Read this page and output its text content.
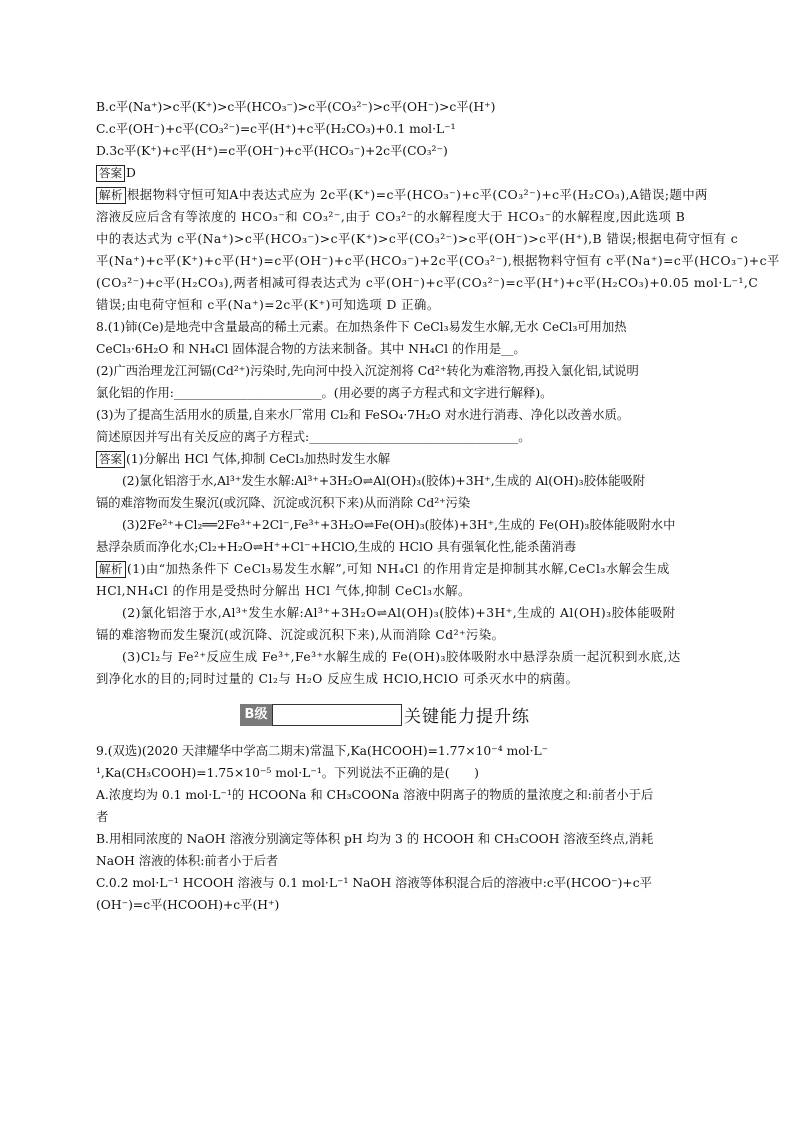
B.c平(Na⁺)>c平(K⁺)>c平(HCO₃⁻)>c平(CO₃²⁻)>c平(OH⁻)>c平(H⁺)
C.c平(OH⁻)+c平(CO₃²⁻)=c平(H⁺)+c平(H₂CO₃)+0.1 mol·L⁻¹
D.3c平(K⁺)+c平(H⁺)=c平(OH⁻)+c平(HCO₃⁻)+2c平(CO₃²⁻)
答案 D
解析 根据物料守恒可知A中表达式应为 2c平(K⁺)=c平(HCO₃⁻)+c平(CO₃²⁻)+c平(H₂CO₃),A错误;题中两
溶液反应后含有等浓度的 HCO₃⁻和 CO₃²⁻,由于 CO₃²⁻的水解程度大于 HCO₃⁻的水解程度,因此选项 B
中的表达式为 c平(Na⁺)>c平(HCO₃⁻)>c平(K⁺)>c平(CO₃²⁻)>c平(OH⁻)>c平(H⁺),B 错误;根据电荷守恒有 c
平(Na⁺)+c平(K⁺)+c平(H⁺)=c平(OH⁻)+c平(HCO₃⁻)+2c平(CO₃²⁻),根据物料守恒有 c平(Na⁺)=c平(HCO₃⁻)+c平
(CO₃²⁻)+c平(H₂CO₃),两者相减可得表达式为 c平(OH⁻)+c平(CO₃²⁻)=c平(H⁺)+c平(H₂CO₃)+0.05 mol·L⁻¹,C
错误;由电荷守恒和 c平(Na⁺)=2c平(K⁺)可知选项 D 正确。
8.(1)铈(Ce)是地壳中含量最高的稀土元素。在加热条件下 CeCl₃易发生水解,无水 CeCl₃可用加热
CeCl₃·6H₂O 和 NH₄Cl 固体混合物的方法来制备。其中 NH₄Cl 的作用是__。
(2)广西治理龙江河镉(Cd²⁺)污染时,先向河中投入沉淀剂将 Cd²⁺转化为难溶物,再投入氯化铝,试说明
氯化铝的作用:________________________。(用必要的离子方程式和文字进行解释)。
(3)为了提高生活用水的质量,自来水厂常用 Cl₂和 FeSO₄·7H₂O 对水进行消毒、净化以改善水质。
简述原因并写出有关反应的离子方程式:__________________________________。
答案 (1)分解出 HCl 气体,抑制 CeCl₃加热时发生水解
(2)氯化铝溶于水,Al³⁺发生水解:Al³⁺+3H₂O⇌Al(OH)₃(胶体)+3H⁺,生成的 Al(OH)₃胶体能吸附
镉的难溶物而发生聚沉(或沉降、沉淀或沉积下来)从而消除 Cd²⁺污染
(3)2Fe²⁺+Cl₂══2Fe³⁺+2Cl⁻,Fe³⁺+3H₂O⇌Fe(OH)₃(胶体)+3H⁺,生成的 Fe(OH)₃胶体能吸附水中
悬浮杂质而净化水;Cl₂+H₂O⇌H⁺+Cl⁻+HClO,生成的 HClO 具有强氧化性,能杀菌消毒
解析 (1)由“加热条件下 CeCl₃易发生水解”,可知 NH₄Cl 的作用肯定是抑制其水解,CeCl₃水解会生成
HCl,NH₄Cl 的作用是受热时分解出 HCl 气体,抑制 CeCl₃水解。
(2)氯化铝溶于水,Al³⁺发生水解:Al³⁺+3H₂O⇌Al(OH)₃(胶体)+3H⁺,生成的 Al(OH)₃胶体能吸附
镉的难溶物而发生聚沉(或沉降、沉淀或沉积下来),从而消除 Cd²⁺污染。
(3)Cl₂与 Fe²⁺反应生成 Fe³⁺,Fe³⁺水解生成的 Fe(OH)₃胶体吸附水中悬浮杂质一起沉积到水底,达
到净化水的目的;同时过量的 Cl₂与 H₂O 反应生成 HClO,HClO 可杀灭水中的病菌。
B级	关键能力提升练
9.(双选)(2020 天津耀华中学高二期末)常温下,Ka(HCOOH)=1.77×10⁻⁴ mol·L⁻
¹,Ka(CH₃COOH)=1.75×10⁻⁵ mol·L⁻¹。下列说法不正确的是(　　)
A.浓度均为 0.1 mol·L⁻¹的 HCOONa 和 CH₃COONa 溶液中阴离子的物质的量浓度之和:前者小于后
者
B.用相同浓度的 NaOH 溶液分别滴定等体积 pH 均为 3 的 HCOOH 和 CH₃COOH 溶液至终点,消耗
NaOH 溶液的体积:前者小于后者
C.0.2 mol·L⁻¹ HCOOH 溶液与 0.1 mol·L⁻¹ NaOH 溶液等体积混合后的溶液中:c平(HCOO⁻)+c平
(OH⁻)=c平(HCOOH)+c平(H⁺)
